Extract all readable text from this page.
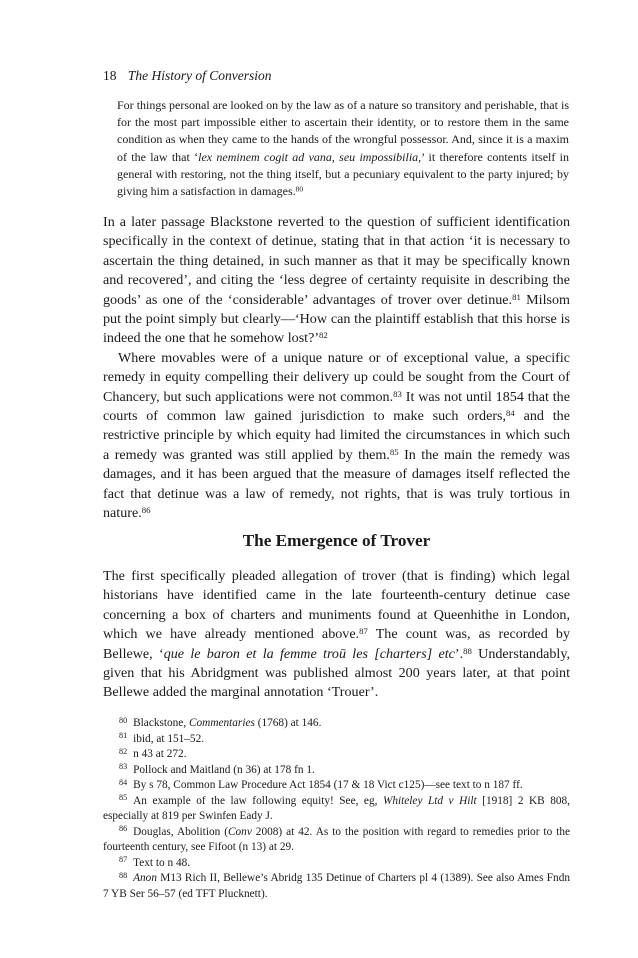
18 The History of Conversion
For things personal are looked on by the law as of a nature so transitory and perishable, that is for the most part impossible either to ascertain their identity, or to restore them in the same condition as when they came to the hands of the wrongful possessor. And, since it is a maxim of the law that ‘lex neminem cogit ad vana, seu impossibilia,’ it therefore contents itself in general with restoring, not the thing itself, but a pecuniary equivalent to the party injured; by giving him a satisfaction in damages.$^{80}$

In a later passage Blackstone reverted to the question of sufficient identification specifically in the context of detinue, stating that in that action ‘it is necessary to ascertain the thing detained, in such manner as that it may be specifically known and recovered’, and citing the ‘less degree of certainty requisite in describing the goods’ as one of the ‘considerable’ advantages of trover over detinue.$^{81}$ Milsom put the point simply but clearly—‘How can the plaintiff establish that this horse is indeed the one that he somehow lost?’$^{82}$

Where movables were of a unique nature or of exceptional value, a specific remedy in equity compelling their delivery up could be sought from the Court of Chancery, but such applications were not common.$^{83}$ It was not until 1854 that the courts of common law gained jurisdiction to make such orders,$^{84}$ and the restrictive principle by which equity had limited the circumstances in which such a remedy was granted was still applied by them.$^{85}$ In the main the remedy was damages, and it has been argued that the measure of damages itself reflected the fact that detinue was a law of remedy, not rights, that is was truly tortious in nature.$^{86}$

The Emergence of Trover

The first specifically pleaded allegation of trover (that is finding) which legal historians have identified came in the late fourteenth-century detinue case concerning a box of charters and muniments found at Queenhithe in London, which we have already mentioned above.$^{87}$ The count was, as recorded by Bellewe, ‘que le baron et la femme troū les [charters] etc’.$^{88}$ Understandably, given that his Abridgment was published almost 200 years later, at that point Bellewe added the marginal annotation ‘Trouer’.

$^{80}$ Blackstone, Commentaries (1768) at 146.

$^{81}$ ibid, at 151–52.

$^{82}$ n 43 at 272.

$^{83}$ Pollock and Maitland (n 36) at 178 fn 1.

$^{84}$ By s 78, Common Law Procedure Act 1854 (17 & 18 Vict c125)—see text to n 187 ff.

$^{85}$ An example of the law following equity! See, eg, Whiteley Ltd v Hilt [1918] 2 KB 808, especially at 819 per Swinfen Eady J.

$^{86}$ Douglas, Abolition (Conv 2008) at 42. As to the position with regard to remedies prior to the fourteenth century, see Fifoot (n 13) at 29.

$^{87}$ Text to n 48.

$^{88}$ Anon M13 Rich II, Bellewe’s Abridg 135 Detinue of Charters pl 4 (1389). See also Ames Fndn 7 YB Ser 56–57 (ed TFT Plucknett).
